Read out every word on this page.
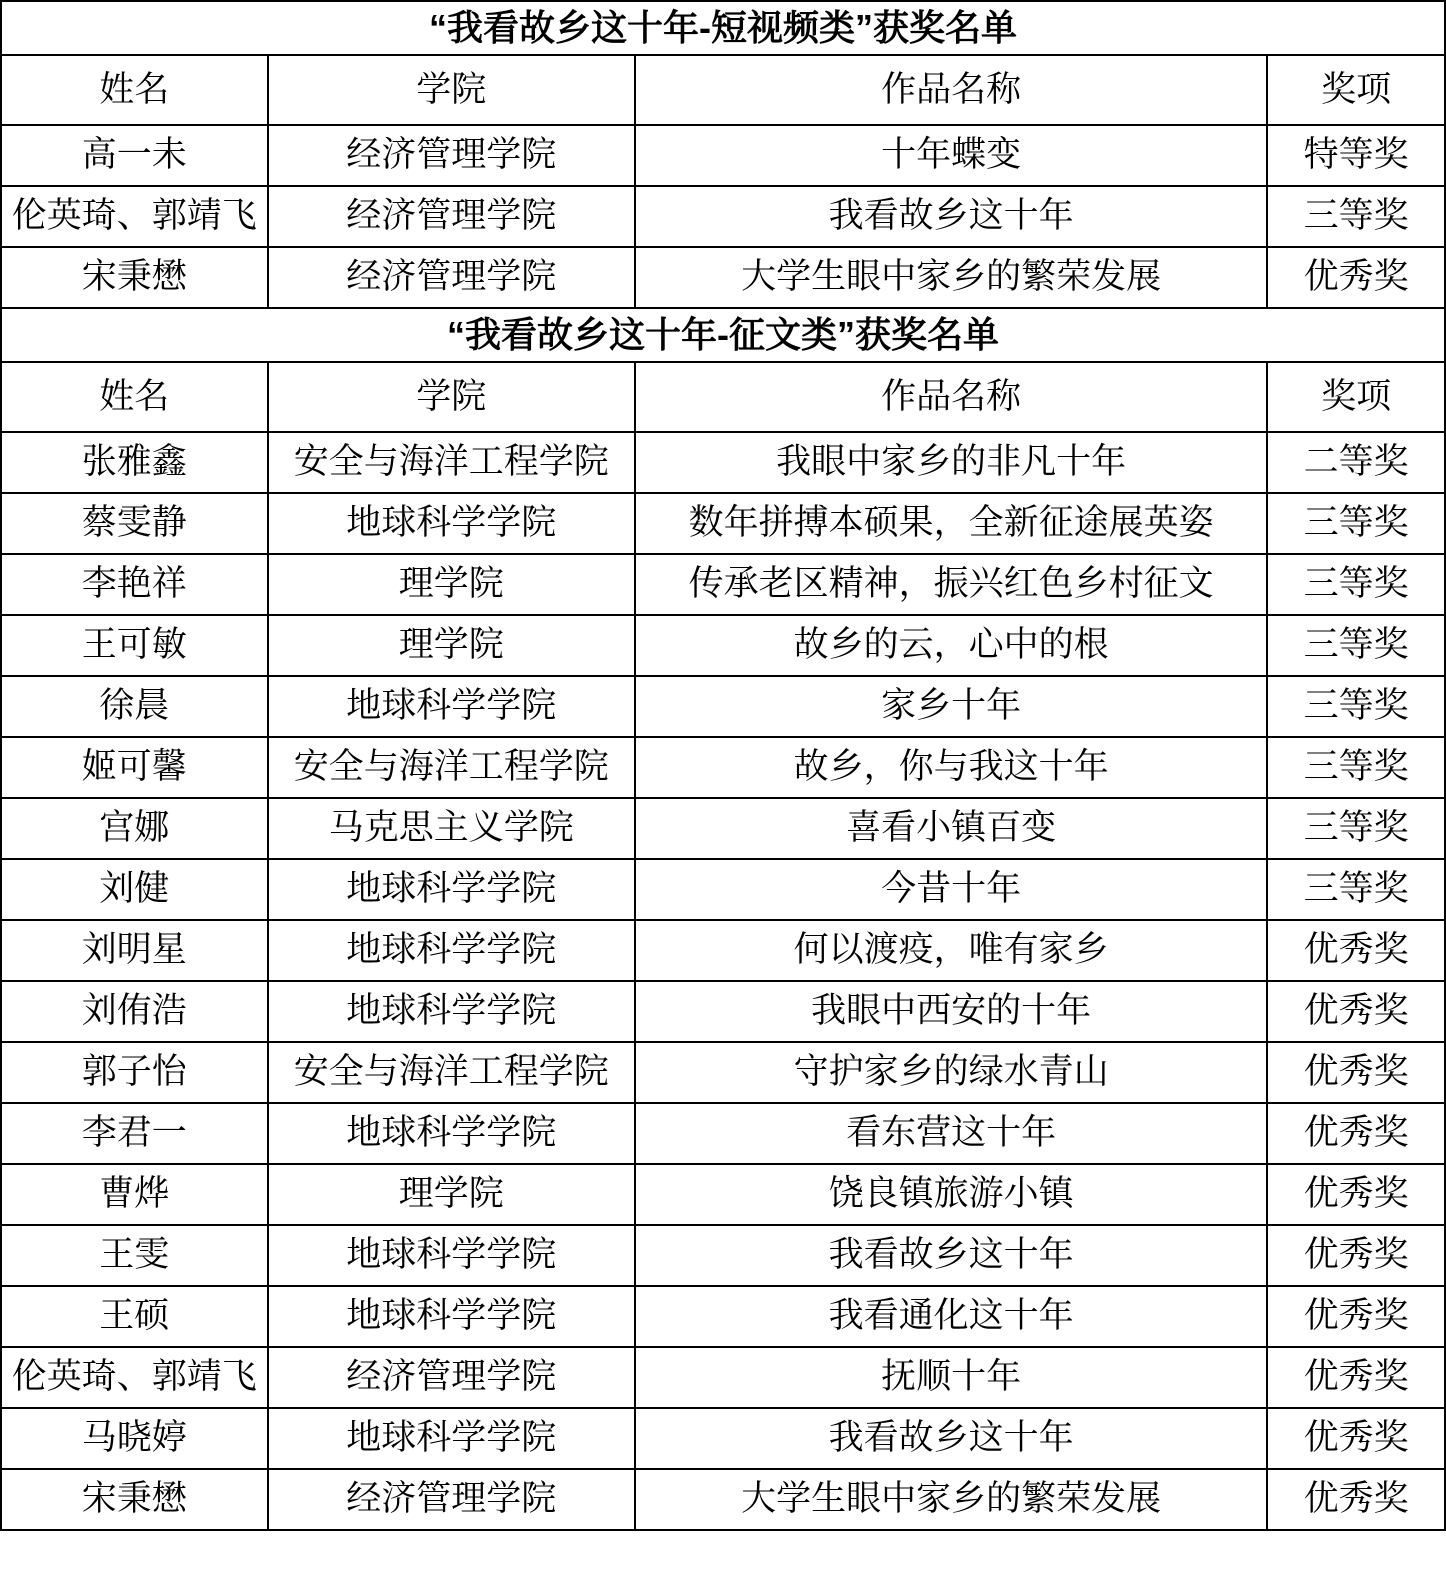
“我看故乡这十年-短视频类”获奖名单			
姓名	学院	作品名称	奖项
高一未	经济管理学院	十年蝶变	特等奖
伦英琦、郭靖飞	经济管理学院	我看故乡这十年	三等奖
宋秉懋	经济管理学院	大学生眼中家乡的繁荣发展	优秀奖
“我看故乡这十年-征文类”获奖名单			
姓名	学院	作品名称	奖项
张雅鑫	安全与海洋工程学院	我眼中家乡的非凡十年	二等奖
蔡雯静	地球科学学院	数年拼搏本硕果，全新征途展英姿	三等奖
李艳祥	理学院	传承老区精神，振兴红色乡村征文	三等奖
王可敏	理学院	故乡的云，心中的根	三等奖
徐晨	地球科学学院	家乡十年	三等奖
姬可馨	安全与海洋工程学院	故乡，你与我这十年	三等奖
宫娜	马克思主义学院	喜看小镇百变	三等奖
刘健	地球科学学院	今昔十年	三等奖
刘明星	地球科学学院	何以渡疫，唯有家乡	优秀奖
刘侑浩	地球科学学院	我眼中西安的十年	优秀奖
郭子怡	安全与海洋工程学院	守护家乡的绿水青山	优秀奖
李君一	地球科学学院	看东营这十年	优秀奖
曹烨	理学院	饶良镇旅游小镇	优秀奖
王雯	地球科学学院	我看故乡这十年	优秀奖
王硕	地球科学学院	我看通化这十年	优秀奖
伦英琦、郭靖飞	经济管理学院	抚顺十年	优秀奖
马晓婷	地球科学学院	我看故乡这十年	优秀奖
宋秉懋	经济管理学院	大学生眼中家乡的繁荣发展	优秀奖
